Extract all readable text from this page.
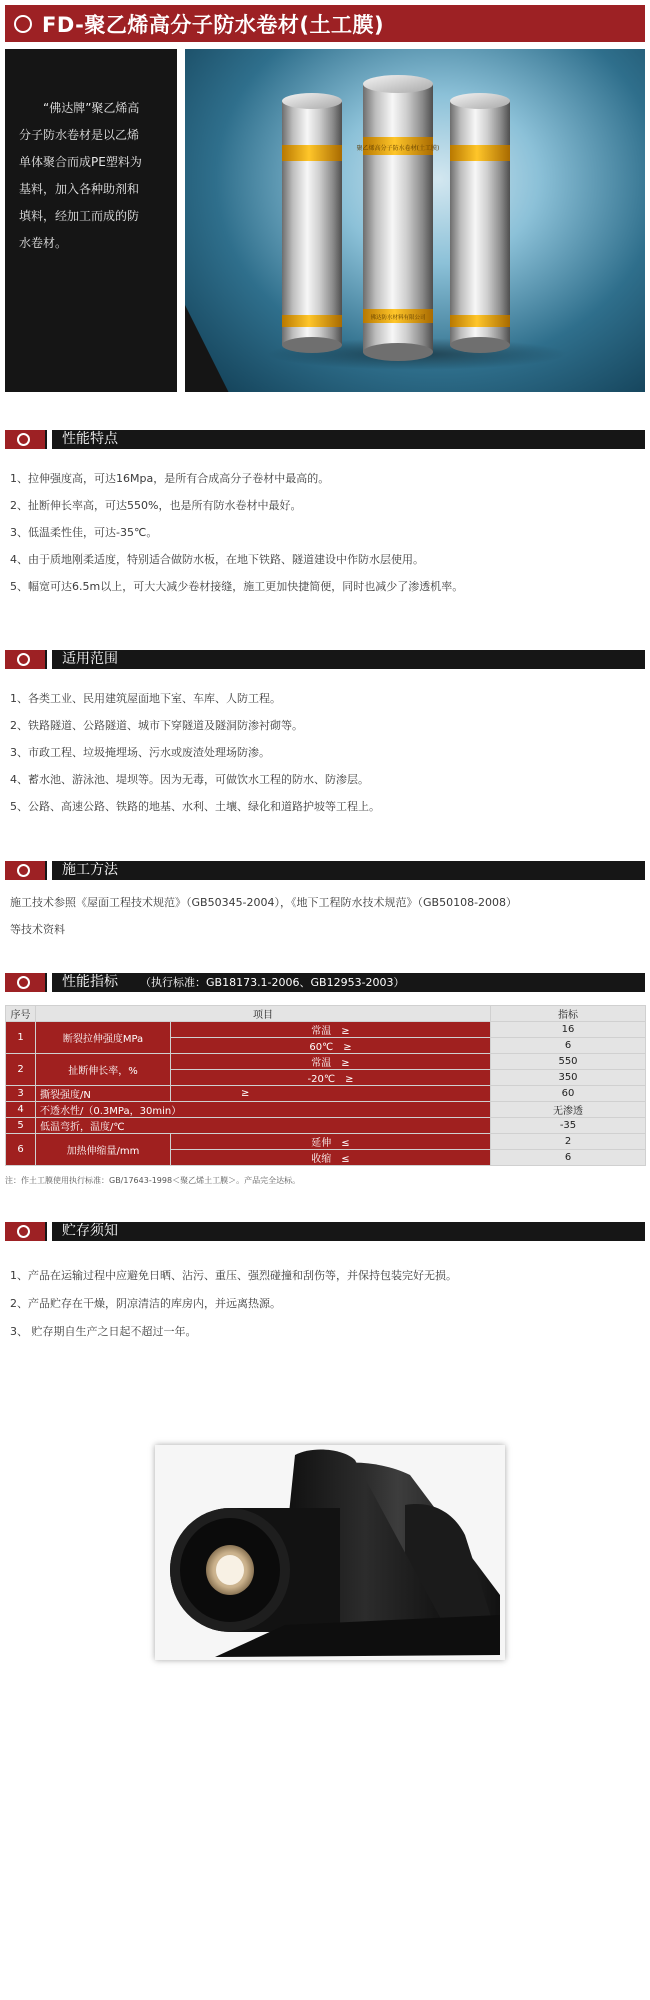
FD-聚乙烯高分子防水卷材(土工膜)
“佛达牌”聚乙烯高
分子防水卷材是以乙烯
单体聚合而成PE塑料为
基料，加入各种助剂和
填料，经加工而成的防
水卷材。
聚乙烯高分子防水卷材(土工膜)
佛达防水材料有限公司
性能特点
1、拉伸强度高，可达16Mpa，是所有合成高分子卷材中最高的。
2、扯断伸长率高，可达550%，也是所有防水卷材中最好。
3、低温柔性佳，可达-35℃。
4、由于质地刚柔适度，特别适合做防水板，在地下铁路、隧道建设中作防水层使用。
5、幅宽可达6.5m以上，可大大减少卷材接缝，施工更加快捷简便，同时也减少了渗透机率。
适用范围
1、各类工业、民用建筑屋面地下室、车库、人防工程。
2、铁路隧道、公路隧道、城市下穿隧道及隧洞防渗衬砌等。
3、市政工程、垃圾掩埋场、污水或废渣处理场防渗。
4、蓄水池、游泳池、堤坝等。因为无毒，可做饮水工程的防水、防渗层。
5、公路、高速公路、铁路的地基、水利、土壤、绿化和道路护坡等工程上。
施工方法
施工技术参照《屋面工程技术规范》（GB50345-2004），《地下工程防水技术规范》（GB50108-2008）
等技术资料
性能指标 （执行标准：GB18173.1-2006、GB12953-2003）
序号	项目		指标
1	断裂拉伸强度MPa	常温　≥	16
		60℃　≥	6
2	扯断伸长率，%	常温　≥	550
		-20℃　≥	350
3	撕裂强度/N	≥	60
4	不透水性/（0.3MPa，30min）		无渗透
5	低温弯折，温度/℃		-35
6	加热伸缩量/mm	延伸　≤	2
		收缩　≤	6
注：作土工膜使用执行标准：GB/17643-1998＜聚乙烯土工膜＞。产品完全达标。
贮存须知
1、产品在运输过程中应避免日晒、沾污、重压、强烈碰撞和刮伤等，并保持包装完好无损。
2、产品贮存在干燥，阴凉清洁的库房内，并远离热源。
3、 贮存期自生产之日起不超过一年。
